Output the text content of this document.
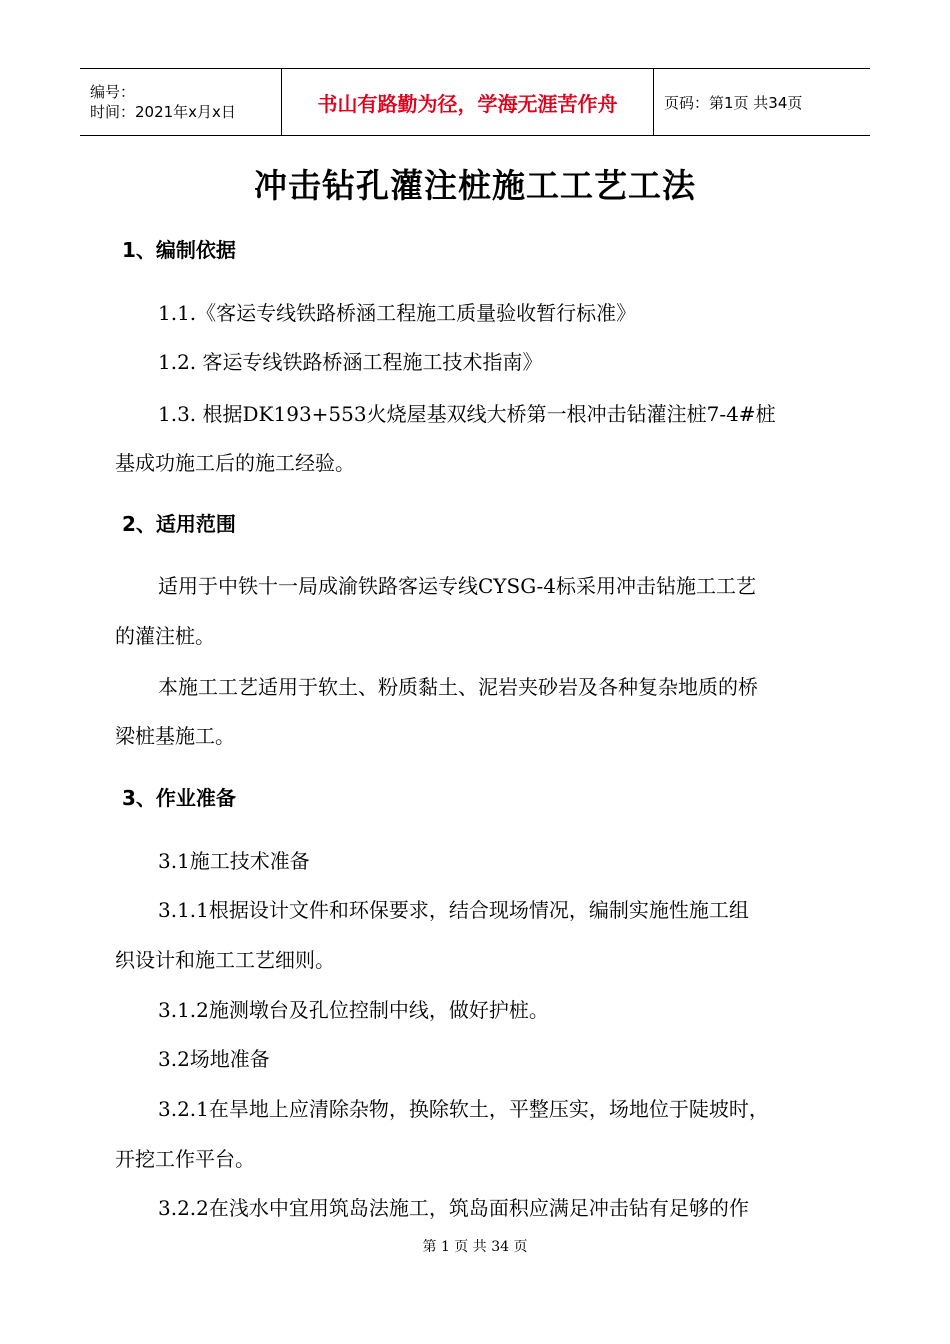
编号：
时间：2021年x月x日	书山有路勤为径，学海无涯苦作舟	页码：第1页 共34页
冲击钻孔灌注桩施工工艺工法
1、编制依据
1.1.《客运专线铁路桥涵工程施工质量验收暂行标准》
1.2. 客运专线铁路桥涵工程施工技术指南》
1.3. 根据DK193+553火烧屋基双线大桥第一根冲击钻灌注桩7-4#桩
基成功施工后的施工经验。
2、适用范围
适用于中铁十一局成渝铁路客运专线CYSG-4标采用冲击钻施工工艺
的灌注桩。
本施工工艺适用于软土、粉质黏土、泥岩夹砂岩及各种复杂地质的桥
梁桩基施工。
3、作业准备
3.1施工技术准备
3.1.1根据设计文件和环保要求，结合现场情况，编制实施性施工组
织设计和施工工艺细则。
3.1.2施测墩台及孔位控制中线，做好护桩。
3.2场地准备
3.2.1在旱地上应清除杂物，换除软土，平整压实，场地位于陡坡时，
开挖工作平台。
3.2.2在浅水中宜用筑岛法施工，筑岛面积应满足冲击钻有足够的作
第 1 页 共 34 页
